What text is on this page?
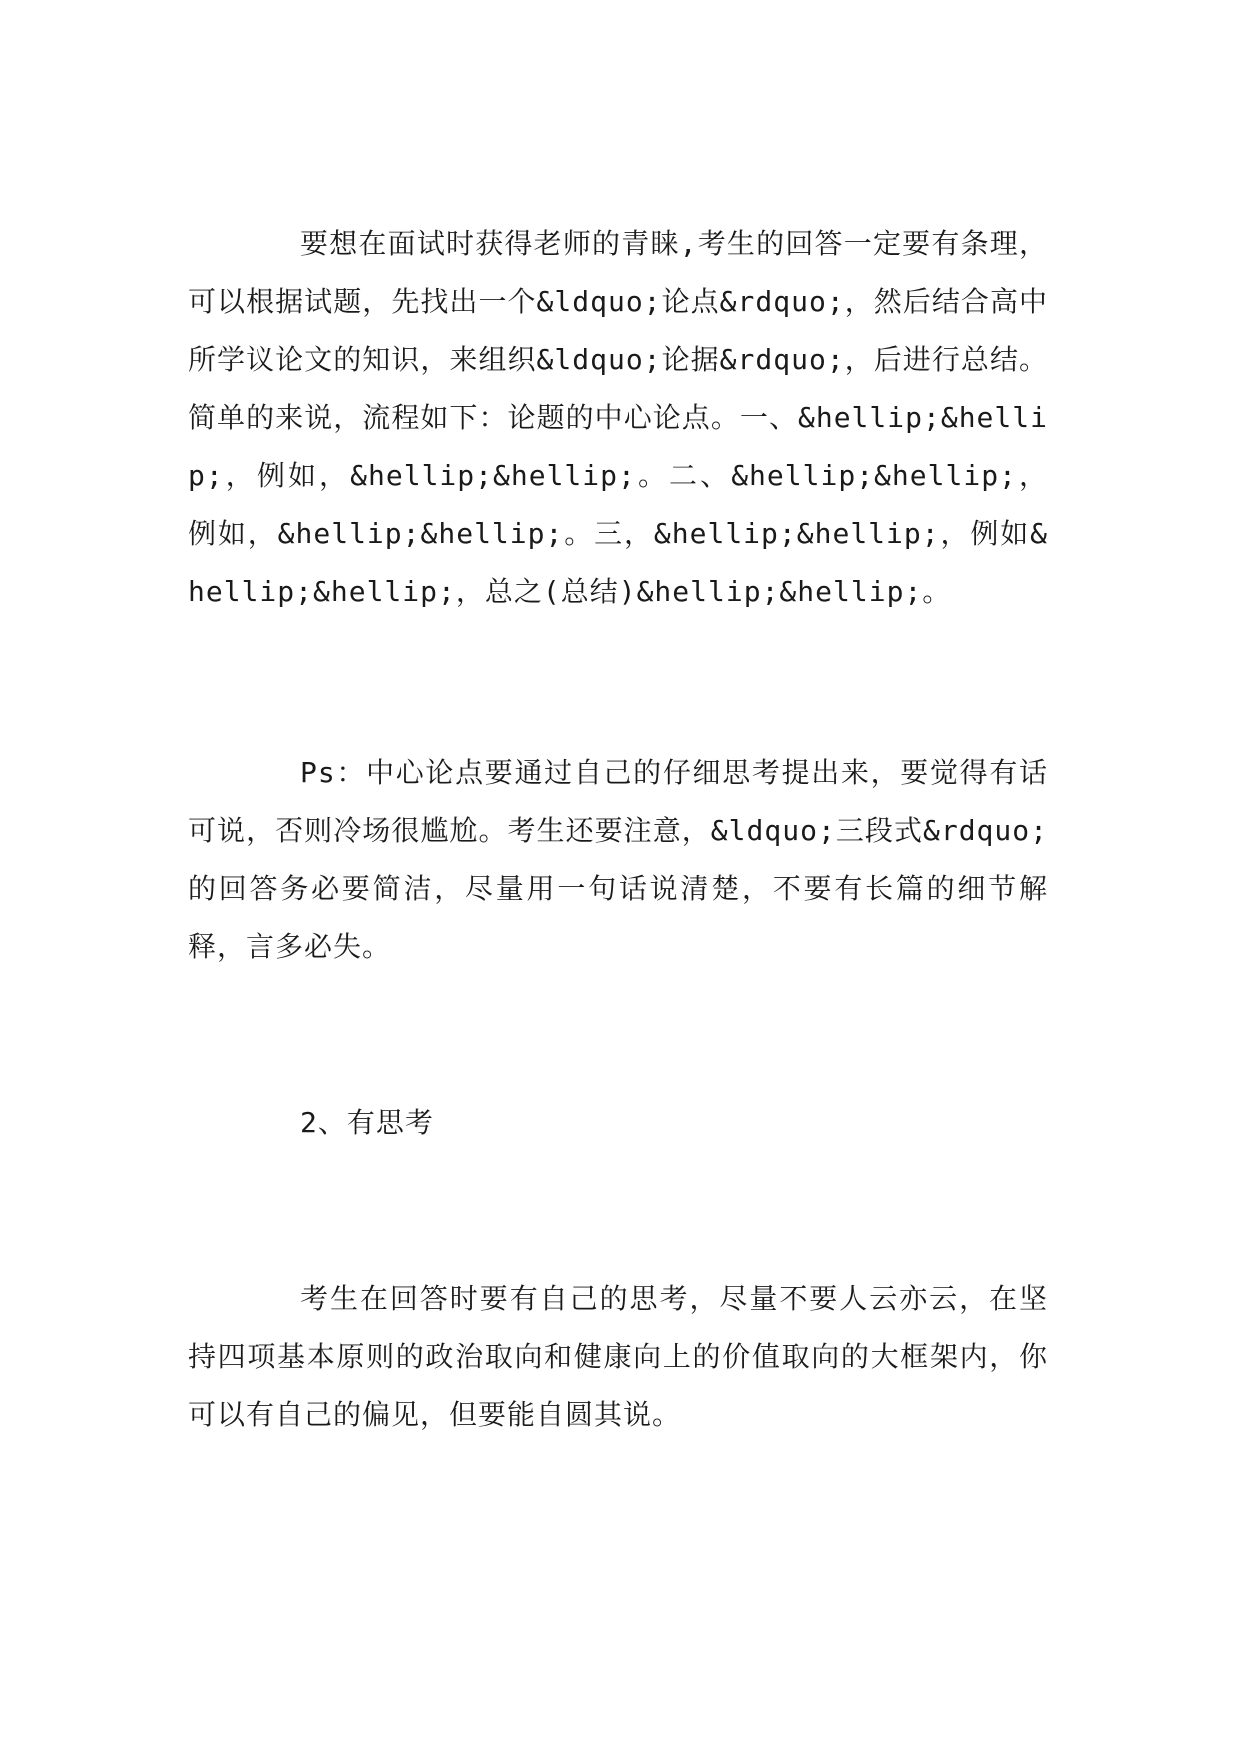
要想在面试时获得老师的青睐,考生的回答一定要有条理，可以根据试题，先找出一个&ldquo;论点&rdquo;，然后结合高中所学议论文的知识，来组织&ldquo;论据&rdquo;，后进行总结。简单的来说，流程如下：论题的中心论点。一、&hellip;&hellip;，例如，&hellip;&hellip;。二、&hellip;&hellip;，例如，&hellip;&hellip;。三，&hellip;&hellip;，例如&hellip;&hellip;，总之(总结)&hellip;&hellip;。

Ps：中心论点要通过自己的仔细思考提出来，要觉得有话可说，否则冷场很尴尬。考生还要注意，&ldquo;三段式&rdquo;的回答务必要简洁，尽量用一句话说清楚，不要有长篇的细节解释，言多必失。

2、有思考

考生在回答时要有自己的思考，尽量不要人云亦云，在坚持四项基本原则的政治取向和健康向上的价值取向的大框架内，你可以有自己的偏见，但要能自圆其说。
